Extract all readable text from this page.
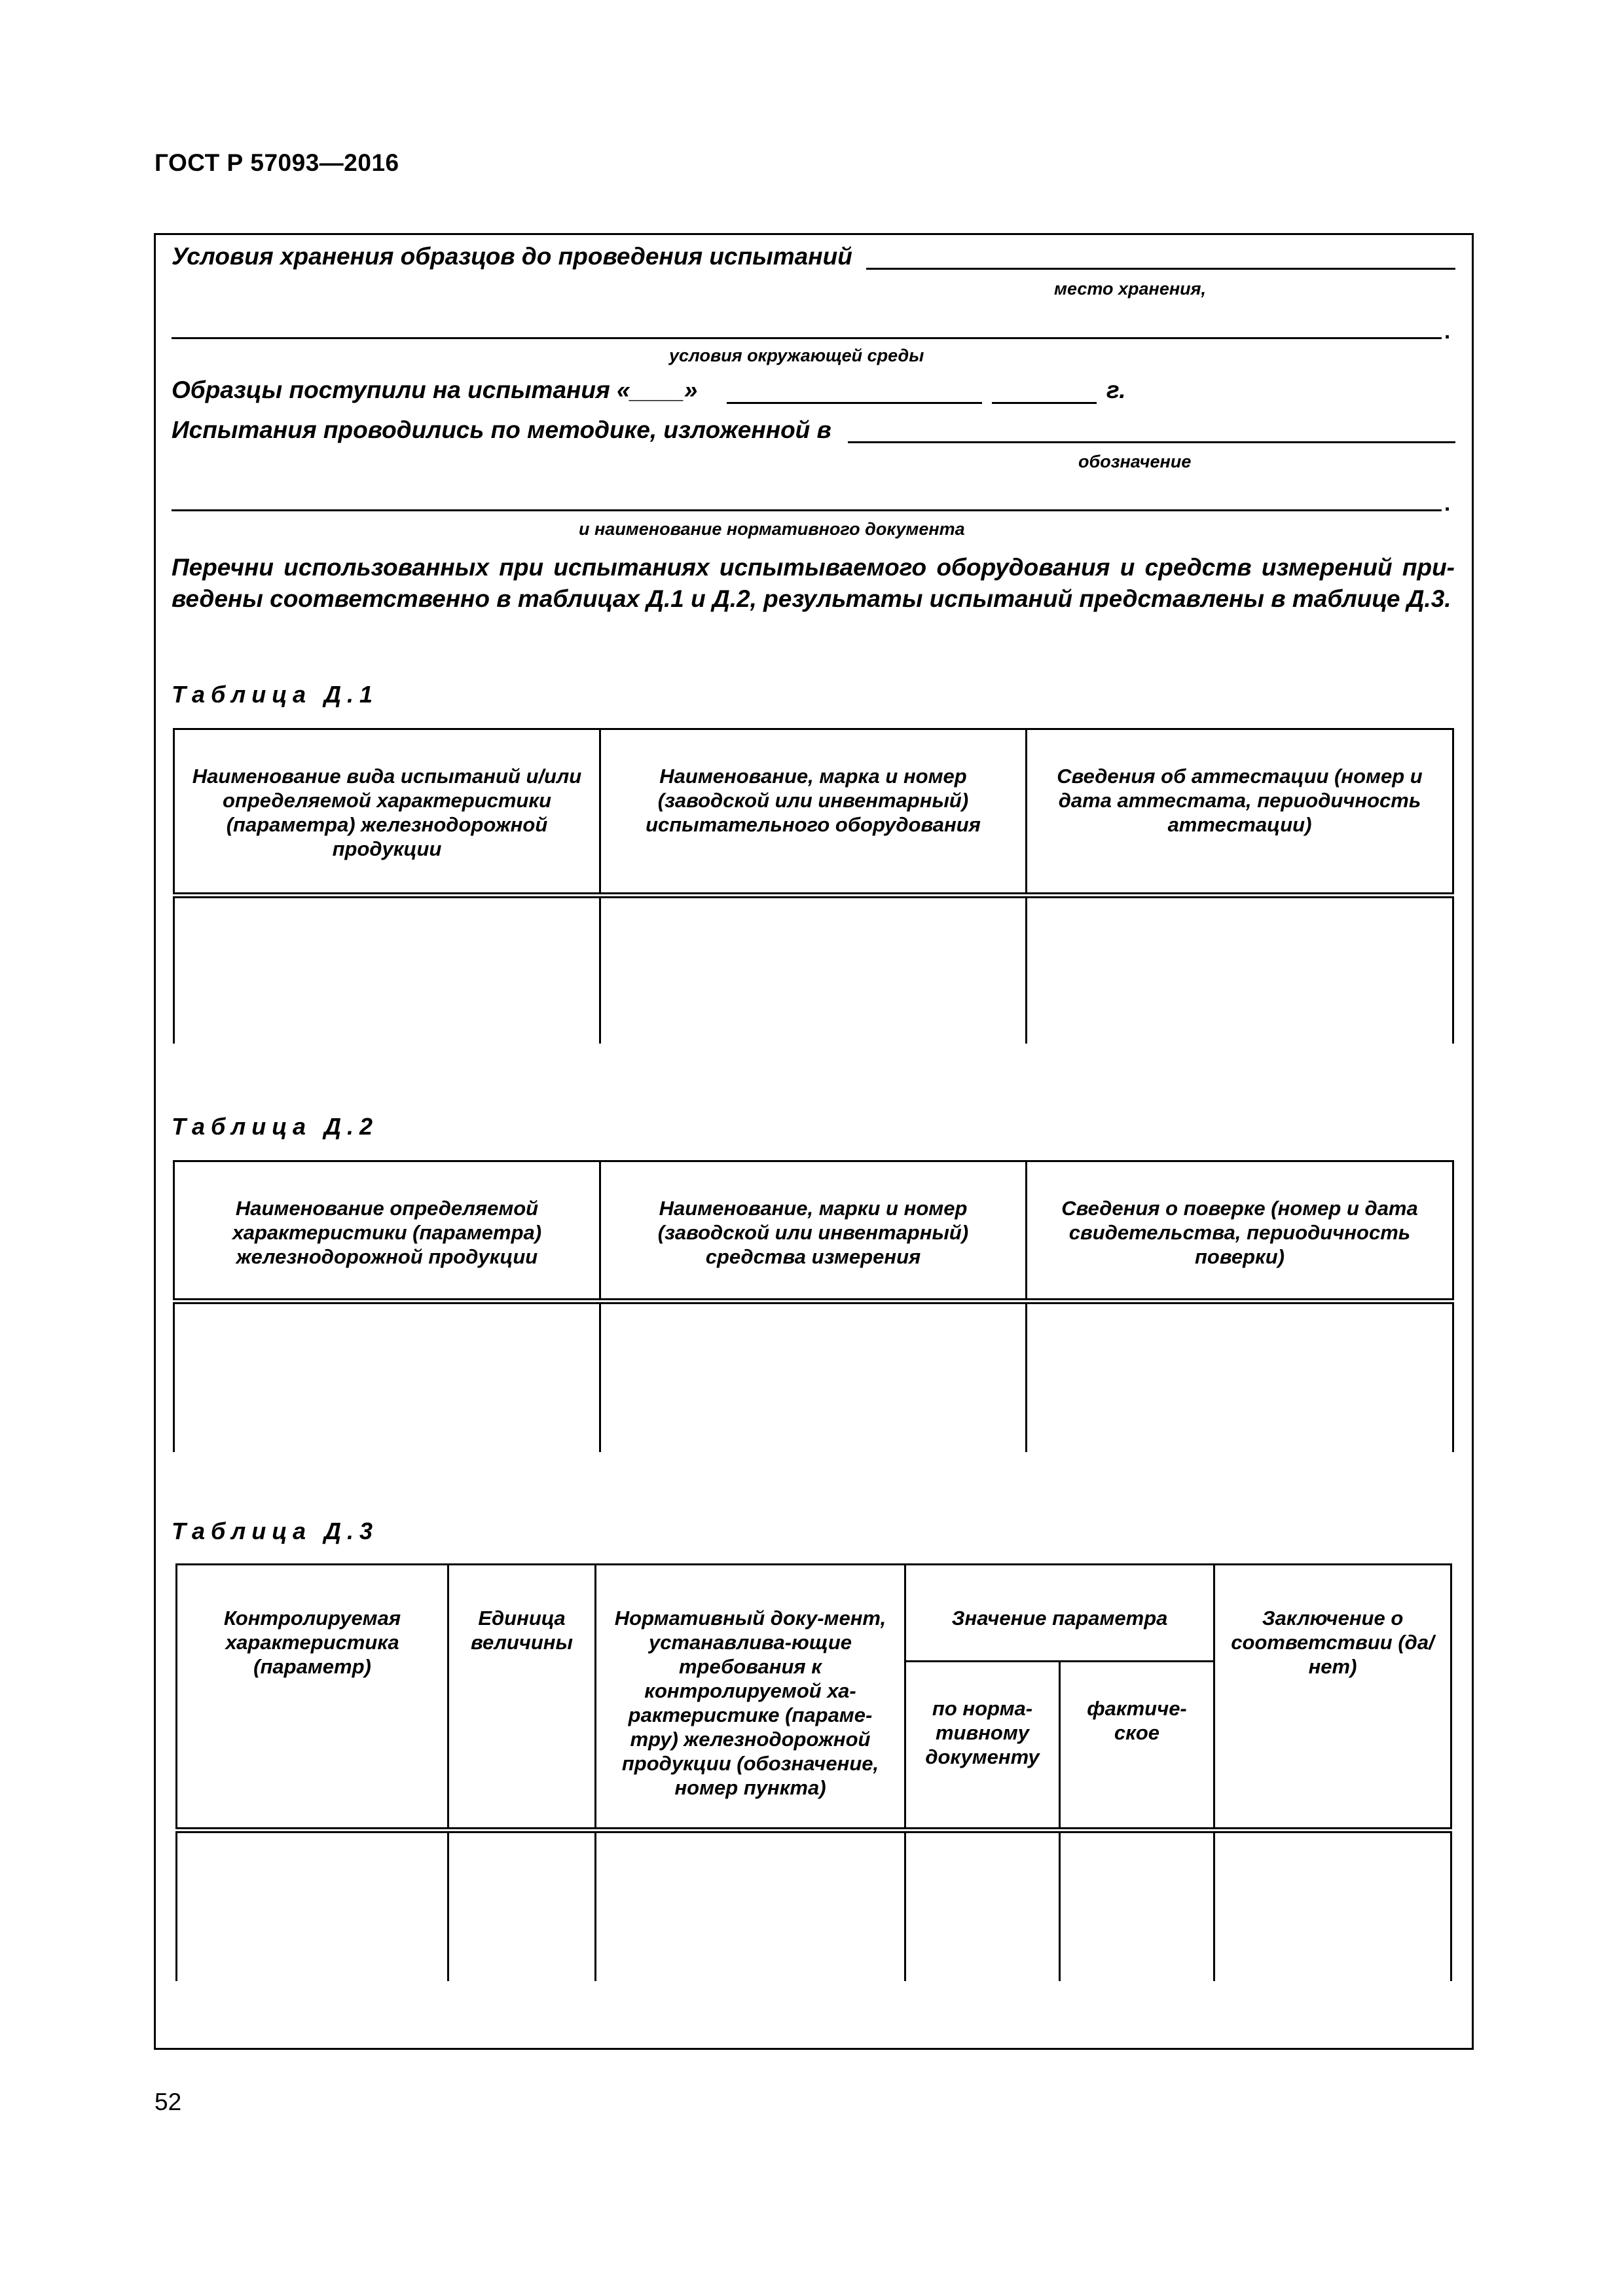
ГОСТ Р 57093—2016
Условия хранения образцов до проведения испытаний
место хранения,
.
условия окружающей среды
Образцы поступили на испытания «____»	г.
Испытания проводились по методике, изложенной в
обозначение
.
и наименование нормативного документа
Перечни использованных при испытаниях испытываемого оборудования и средств измерений при-
ведены соответственно в таблицах Д.1 и Д.2, результаты испытаний представлены в таблице Д.3.
Таблица Д.1
Наименование вида испытаний и/или определяемой характеристики (параметра) железнодорожной продукции	Наименование, марка и номер (заводской или инвентарный) испытательного оборудования	Сведения об аттестации (номер и дата аттестата, периодичность аттестации)

Таблица Д.2
Наименование определяемой характеристики (параметра) железнодорожной продукции	Наименование, марки и номер (заводской или инвентарный) средства измерения	Сведения о поверке (номер и дата свидетельства, периодичность поверки)

Таблица Д.3
Контролируемая характеристика (параметр)	Единица величины	Нормативный доку-мент, устанавлива-ющие требования к контролируемой ха-рактеристике (параме-тру) железнодорожной продукции (обозначение, номер пункта)	Значение параметра		Заключение о соответствии (да/нет)

			по норма-тивному документу	фактиче-ское	

52
